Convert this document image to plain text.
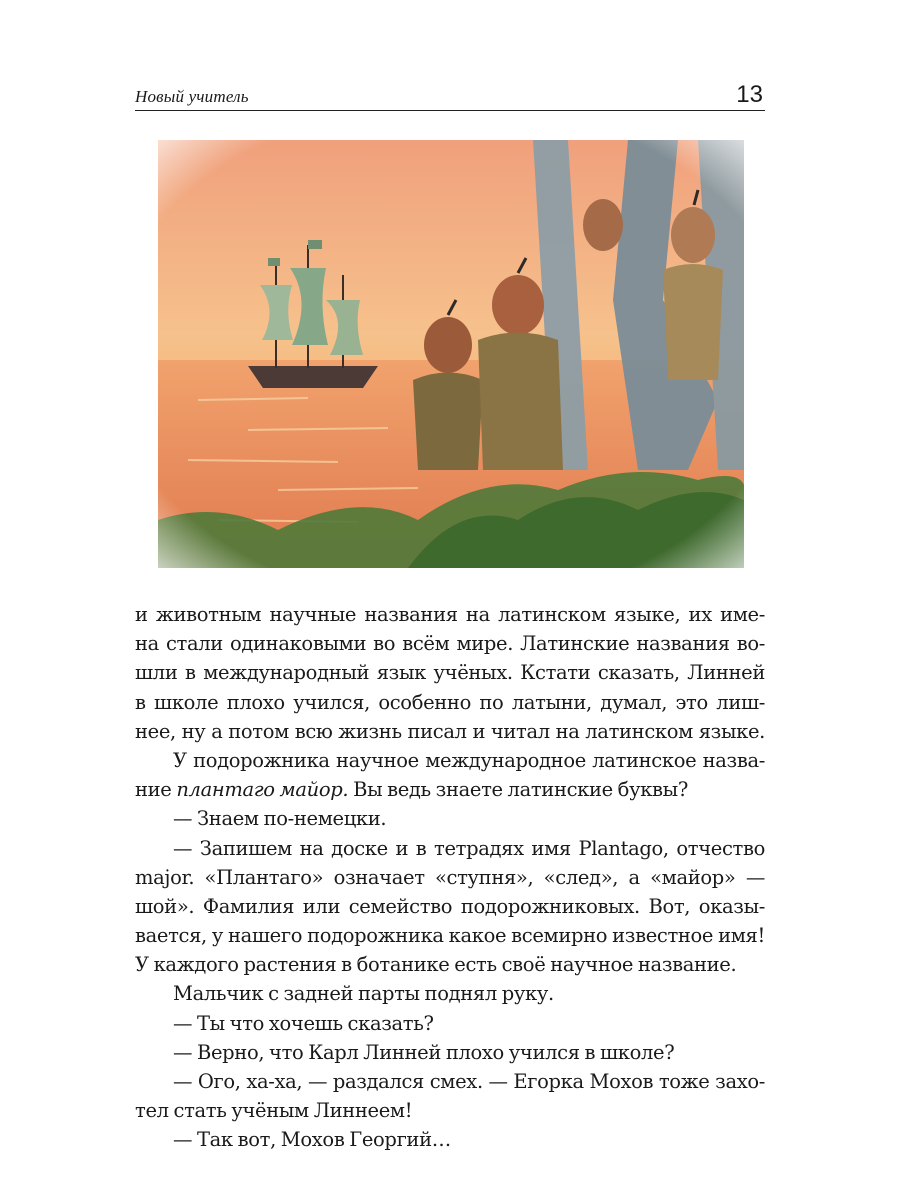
Новый учитель	13
и животным научные названия на латинском языке, их име-
на стали одинаковыми во всём мире. Латинские названия во-
шли в международный язык учёных. Кстати сказать, Линней
в школе плохо учился, особенно по латыни, думал, это лиш-
нее, ну а потом всю жизнь писал и читал на латинском языке.
У подорожника научное международное латинское назва-
ние плантаго майор. Вы ведь знаете латинские буквы?
— Знаем по-немецки.
— Запишем на доске и в тетрадях имя Plantago, отчество
major. «Плантаго» означает «ступня», «след», а «майор» —
шой». Фамилия или семейство подорожниковых. Вот, оказы-
вается, у нашего подорожника какое всемирно известное имя!
У каждого растения в ботанике есть своё научное название.
Мальчик с задней парты поднял руку.
— Ты что хочешь сказать?
— Верно, что Карл Линней плохо учился в школе?
— Ого, ха-ха, — раздался смех. — Егорка Мохов тоже захо-
тел стать учёным Линнеем!
— Так вот, Мохов Георгий…
